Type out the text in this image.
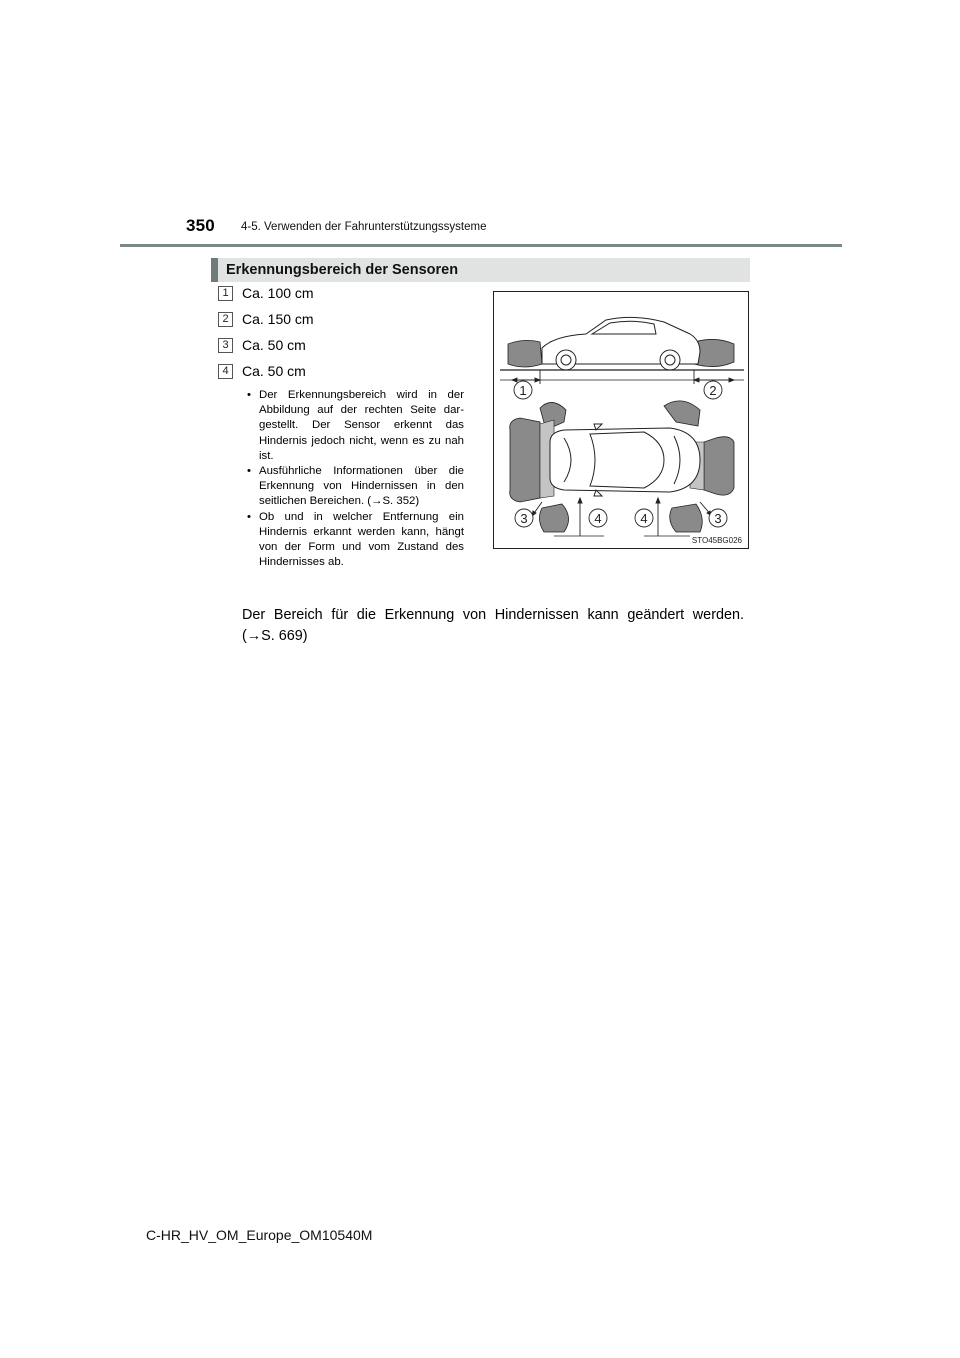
350 4-5. Verwenden der Fahrunterstützungssysteme
Erkennungsbereich der Sensoren
1 Ca. 100 cm
2 Ca. 150 cm
3 Ca. 50 cm
4 Ca. 50 cm
• Der Erkennungsbereich wird in der Abbildung auf der rechten Seite dar-gestellt. Der Sensor erkennt das Hindernis jedoch nicht, wenn es zu nah ist.
• Ausführliche Informationen über die Erkennung von Hindernissen in den seitlichen Bereichen. (→S. 352)
• Ob und in welcher Entfernung ein Hindernis erkannt werden kann, hängt von der Form und vom Zustand des Hindernisses ab.
Der Bereich für die Erkennung von Hindernissen kann geändert werden.
(→S. 669)
1	2
3	4	4	3
STO45BG026
C-HR_HV_OM_Europe_OM10540M
